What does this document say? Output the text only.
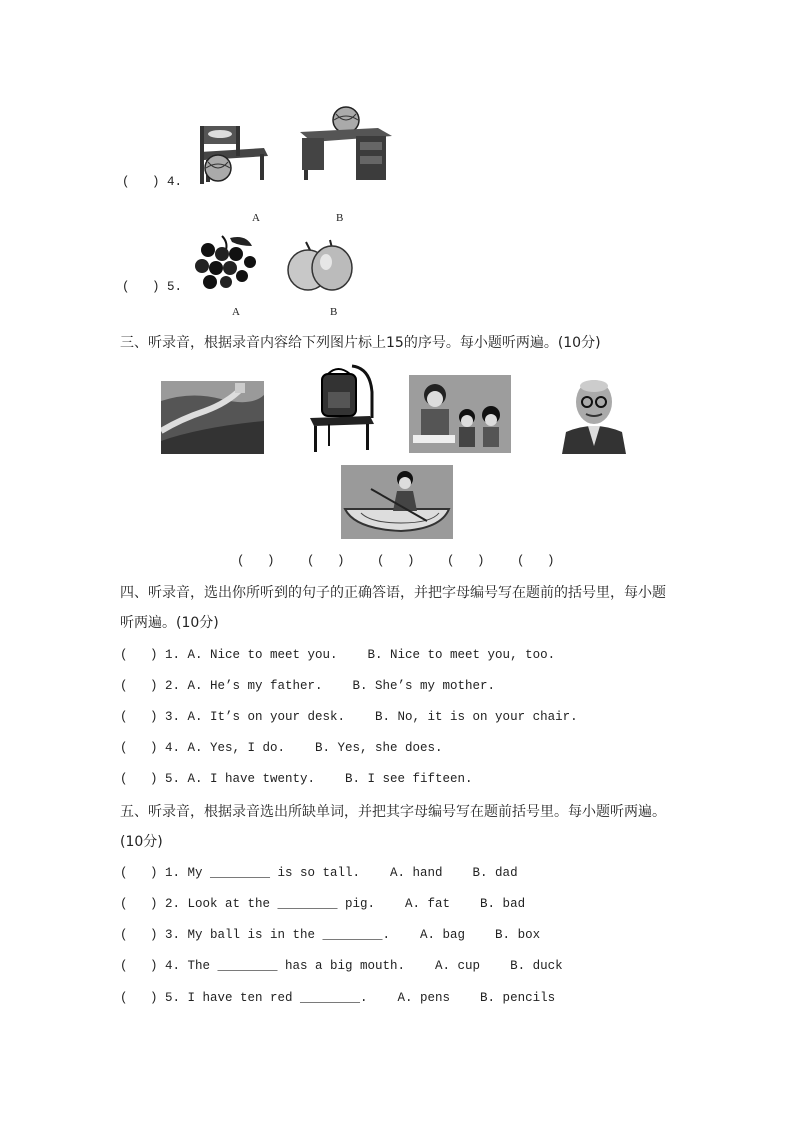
(   ) 4.
A	B
(   ) 5.
A	B
三、听录音，根据录音内容给下列图片标上15的序号。每小题听两遍。(10分)
(   )	(   )	(   )	(   )	(   )
四、听录音，选出你所听到的句子的正确答语，并把字母编号写在题前的括号里，每小题
听两遍。(10分)
(   ) 1. A. Nice to meet you.    B. Nice to meet you, too.
(   ) 2. A. He’s my father.    B. She’s my mother.
(   ) 3. A. It’s on your desk.    B. No, it is on your chair.
(   ) 4. A. Yes, I do.    B. Yes, she does.
(   ) 5. A. I have twenty.    B. I see fifteen.
五、听录音，根据录音选出所缺单词，并把其字母编号写在题前括号里。每小题听两遍。
(10分)
(   ) 1. My ________ is so tall.    A. hand    B. dad
(   ) 2. Look at the ________ pig.    A. fat    B. bad
(   ) 3. My ball is in the ________.    A. bag    B. box
(   ) 4. The ________ has a big mouth.    A. cup    B. duck
(   ) 5. I have ten red ________.    A. pens    B. pencils
